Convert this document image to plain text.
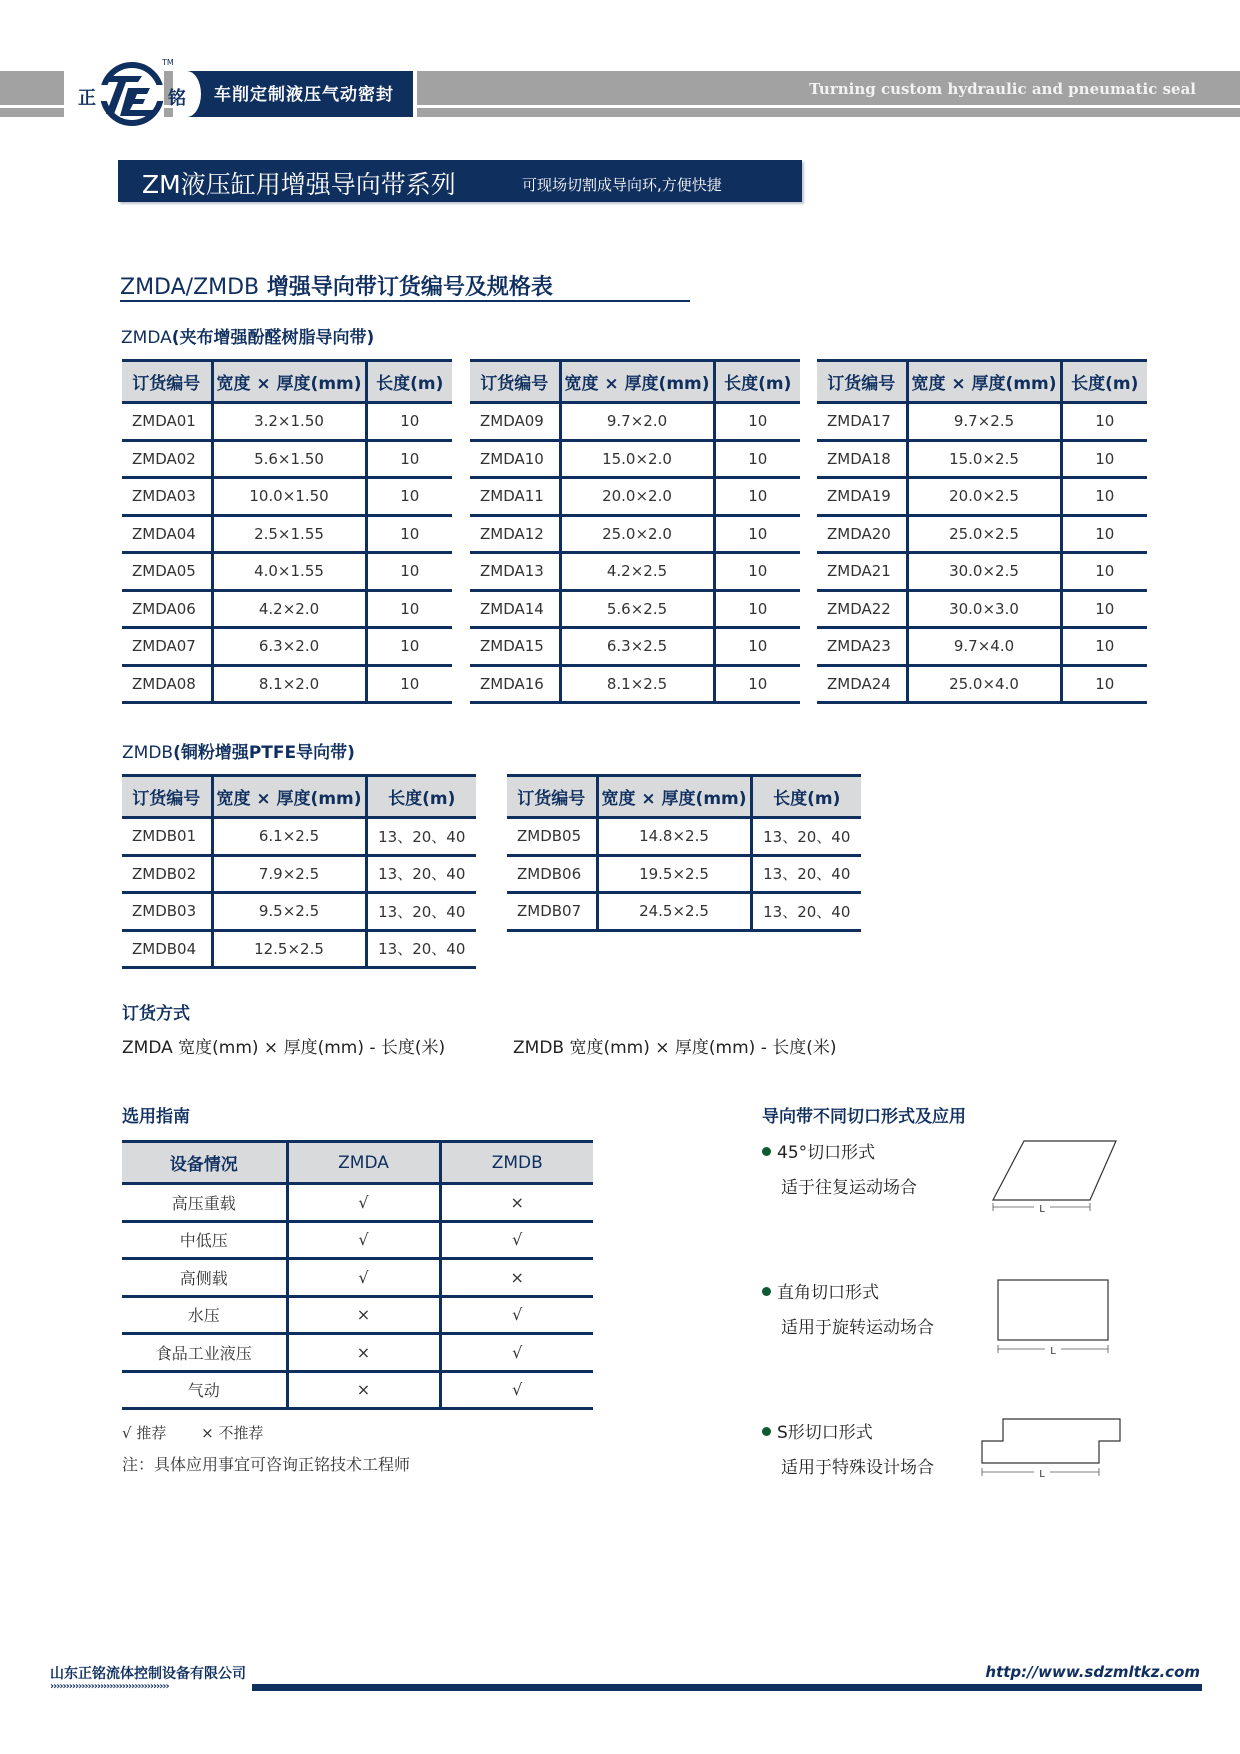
车削定制液压气动密封	Turning custom hydraulic and pneumatic seal
正
TM
铭
ZM液压缸用增强导向带系列	可现场切割成导向环,方便快捷
ZMDA/ZMDB 增强导向带订货编号及规格表
ZMDA(夹布增强酚醛树脂导向带)
订货编号	宽度 × 厚度(mm)	长度(m)
ZMDA01	3.2×1.50	10
ZMDA02	5.6×1.50	10
ZMDA03	10.0×1.50	10
ZMDA04	2.5×1.55	10
ZMDA05	4.0×1.55	10
ZMDA06	4.2×2.0	10
ZMDA07	6.3×2.0	10
ZMDA08	8.1×2.0	10
订货编号	宽度 × 厚度(mm)	长度(m)
ZMDA09	9.7×2.0	10
ZMDA10	15.0×2.0	10
ZMDA11	20.0×2.0	10
ZMDA12	25.0×2.0	10
ZMDA13	4.2×2.5	10
ZMDA14	5.6×2.5	10
ZMDA15	6.3×2.5	10
ZMDA16	8.1×2.5	10
订货编号	宽度 × 厚度(mm)	长度(m)
ZMDA17	9.7×2.5	10
ZMDA18	15.0×2.5	10
ZMDA19	20.0×2.5	10
ZMDA20	25.0×2.5	10
ZMDA21	30.0×2.5	10
ZMDA22	30.0×3.0	10
ZMDA23	9.7×4.0	10
ZMDA24	25.0×4.0	10
ZMDB(铜粉增强PTFE导向带)
订货编号	宽度 × 厚度(mm)	长度(m)
ZMDB01	6.1×2.5	13、20、40
ZMDB02	7.9×2.5	13、20、40
ZMDB03	9.5×2.5	13、20、40
ZMDB04	12.5×2.5	13、20、40
订货编号	宽度 × 厚度(mm)	长度(m)
ZMDB05	14.8×2.5	13、20、40
ZMDB06	19.5×2.5	13、20、40
ZMDB07	24.5×2.5	13、20、40
订货方式
ZMDA 宽度(mm) × 厚度(mm) - 长度(米)	ZMDB 宽度(mm) × 厚度(mm) - 长度(米)
选用指南
设备情况	ZMDA	ZMDB
高压重载	√	×
中低压	√	√
高侧载	√	×
水压	×	√
食品工业液压	×	√
气动	×	√
√ 推荐 × 不推荐
注：具体应用事宜可咨询正铭技术工程师
导向带不同切口形式及应用
45°切口形式
适于往复运动场合
L
直角切口形式
适用于旋转运动场合
L
S形切口形式
适用于特殊设计场合	L
山东正铭流体控制设备有限公司
››››››››››››››››››››››››››››››››››››››
http://www.sdzmltkz.com
